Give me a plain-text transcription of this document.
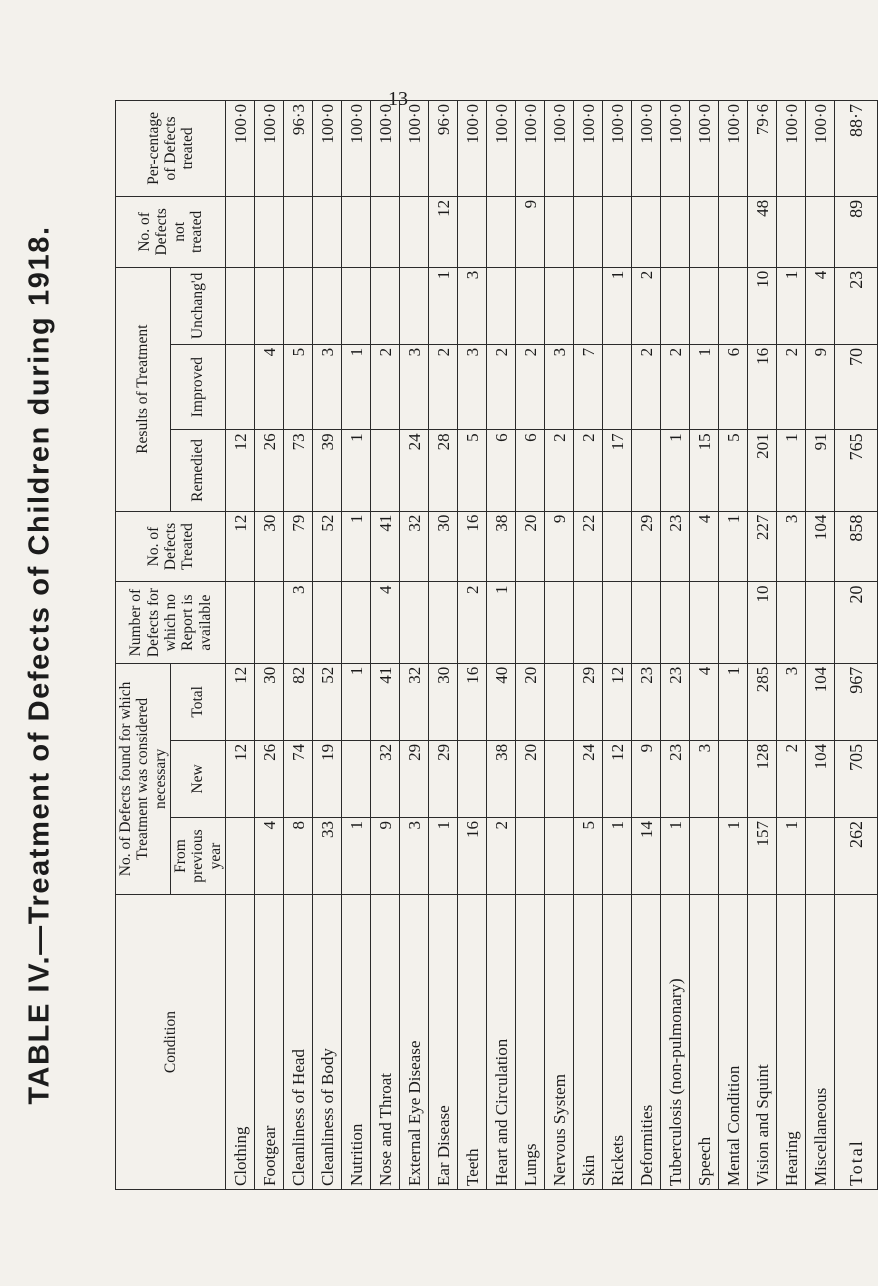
13
TABLE IV.—Treatment of Defects of Children during 1918.	Condition	No. of Defects found for which Treatment was considered necessary			Number of Defects for which no Report is available	No. of Defects Treated	Results of Treatment			No. of Defects not treated	Per-centage of Defects treated
	From previous year	New	Total			Remedied	Improved	Unchang'd		
Clothing		12	12		12	12				100·0
Footgear	4	26	30		30	26	4			100·0
Cleanliness of Head	8	74	82	3	79	73	5			96·3
Cleanliness of Body	33	19	52		52	39	3			100·0
Nutrition	1		1		1	1	1			100·0
Nose and Throat	9	32	41	4	41		2			100·0
External Eye Disease	3	29	32		32	24	3			100·0
Ear Disease	1	29	30		30	28	2	1	12	96·0
Teeth	16		16	2	16	5	3	3		100·0
Heart and Circulation	2	38	40	1	38	6	2			100·0
Lungs		20	20		20	6	2		9	100·0
Nervous System					9	2	3			100·0
Skin	5	24	29		22	2	7			100·0
Rickets	1	12	12			17		1		100·0
Deformities	14	9	23		29		2	2		100·0
Tuberculosis (non-pulmonary)	1	23	23		23	1	2			100·0
Speech		3	4		4	15	1			100·0
Mental Condition	1		1		1	5	6			100·0
Vision and Squint	157	128	285	10	227	201	16	10	48	79·6
Hearing	1	2	3		3	1	2	1		100·0
Miscellaneous		104	104		104	91	9	4		100·0
Total	262	705	967	20	858	765	70	23	89	88·7
